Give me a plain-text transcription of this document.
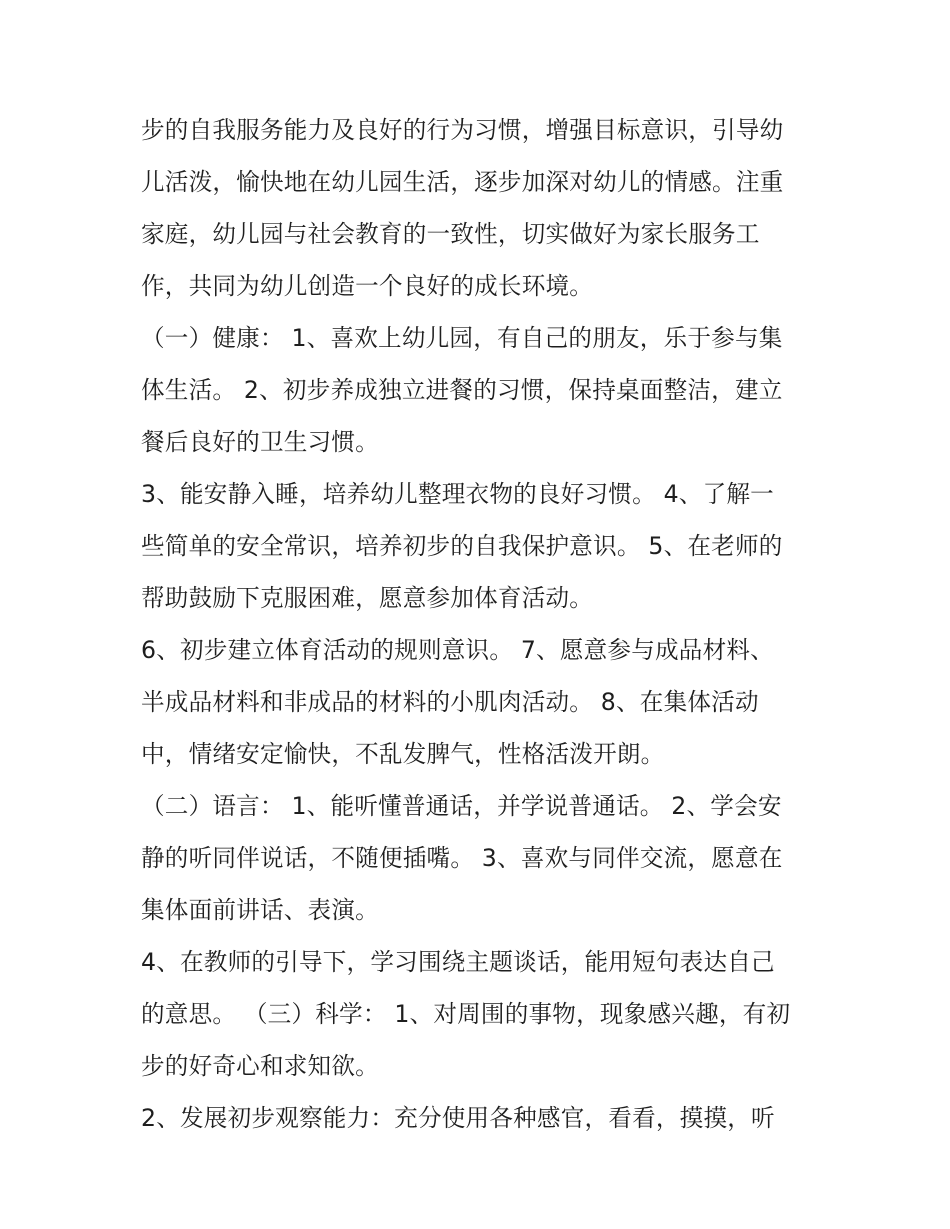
步的自我服务能力及良好的行为习惯，增强目标意识，引导幼
儿活泼，愉快地在幼儿园生活，逐步加深对幼儿的情感。注重
家庭，幼儿园与社会教育的一致性，切实做好为家长服务工
作，共同为幼儿创造一个良好的成长环境。
（一）健康： 1、喜欢上幼儿园，有自己的朋友，乐于参与集
体生活。 2、初步养成独立进餐的习惯，保持桌面整洁，建立
餐后良好的卫生习惯。
3、能安静入睡，培养幼儿整理衣物的良好习惯。 4、了解一
些简单的安全常识，培养初步的自我保护意识。 5、在老师的
帮助鼓励下克服困难，愿意参加体育活动。
6、初步建立体育活动的规则意识。 7、愿意参与成品材料、
半成品材料和非成品的材料的小肌肉活动。 8、在集体活动
中，情绪安定愉快，不乱发脾气，性格活泼开朗。
（二）语言： 1、能听懂普通话，并学说普通话。 2、学会安
静的听同伴说话，不随便插嘴。 3、喜欢与同伴交流，愿意在
集体面前讲话、表演。
4、在教师的引导下，学习围绕主题谈话，能用短句表达自己
的意思。 （三）科学： 1、对周围的事物，现象感兴趣，有初
步的好奇心和求知欲。
2、发展初步观察能力：充分使用各种感官，看看，摸摸，听
